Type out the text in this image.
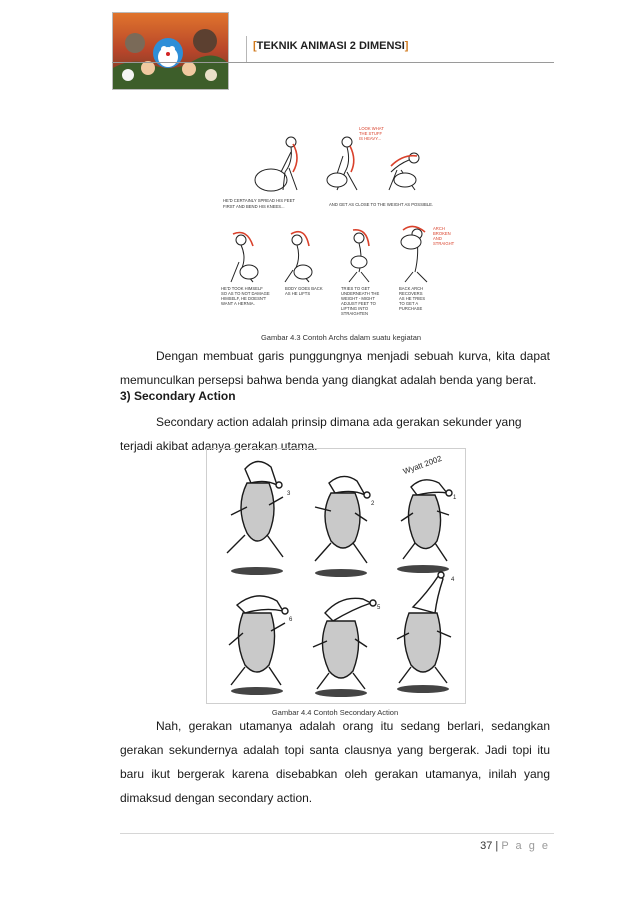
[TEKNIK ANIMASI 2 DIMENSI]
LOOK WHAT
THE STUFF
IS HEAVY...
HE'D CERTAINLY SPREAD HIS FEET
FIRST AND BEND HIS KNEES...	AND GET AS CLOSE TO THE WEIGHT AS POSSIBLE.
ARCH
BROKEN
AND
STRAIGHT
HE'D TOOK HIMSELF
SO AS TO NOT DAMAGE
HIMSELF, HE DOESN'T
WANT A HERNIA.
BODY GOES BACK
AS HE LIFTS
TRIES TO GET
UNDERNEATH THE
WEIGHT - MIGHT
ADJUST FEET TO
LIFTING INTO
STRAIGHTEN
BACK ARCH
RECOVERS
AS HE TRIES
TO GET A
PURCHASE
Gambar 4.3 Contoh Archs dalam suatu kegiatan
Dengan membuat garis punggungnya menjadi sebuah kurva, kita dapat memunculkan persepsi bahwa benda yang diangkat adalah benda yang berat.
3) Secondary Action
Secondary action adalah prinsip dimana ada gerakan sekunder yang
terjadi akibat adanya gerakan utama.
Wyatt 2002
1
2
3
4
5
6
Gambar 4.4 Contoh Secondary Action
Nah, gerakan utamanya adalah orang itu sedang berlari, sedangkan gerakan sekundernya adalah topi santa clausnya yang bergerak. Jadi topi itu baru ikut bergerak karena disebabkan oleh gerakan utamanya, inilah yang dimaksud dengan secondary action.
37 | P a g e
